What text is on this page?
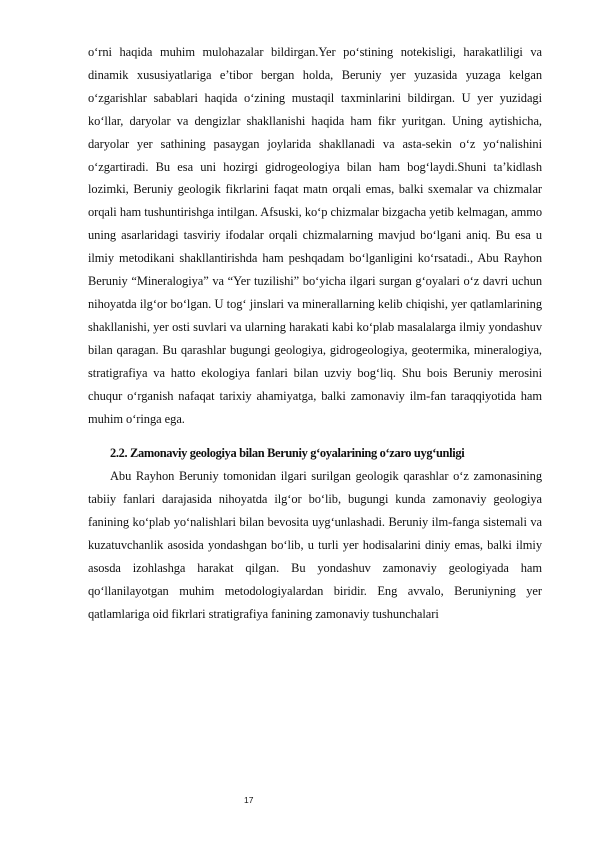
o‘rni haqida muhim mulohazalar bildirgan.Yer po‘stining notekisligi, harakatliligi va dinamik xususiyatlariga e’tibor bergan holda, Beruniy yer yuzasida yuzaga kelgan o‘zgarishlar sabablari haqida o‘zining mustaqil taxminlarini bildirgan. U yer yuzidagi ko‘llar, daryolar va dengizlar shakllanishi haqida ham fikr yuritgan. Uning aytishicha, daryolar yer sathining pasaygan joylarida shakllanadi va asta-sekin o‘z yo‘nalishini o‘zgartiradi. Bu esa uni hozirgi gidrogeologiya bilan ham bog‘laydi.Shuni ta’kidlash lozimki, Beruniy geologik fikrlarini faqat matn orqali emas, balki sxemalar va chizmalar orqali ham tushuntirishga intilgan. Afsuski, ko‘p chizmalar bizgacha yetib kelmagan, ammo uning asarlaridagi tasviriy ifodalar orqali chizmalarning mavjud bo‘lgani aniq. Bu esa u ilmiy metodikani shakllantirishda ham peshqadam bo‘lganligini ko‘rsatadi., Abu Rayhon Beruniy “Mineralogiya” va “Yer tuzilishi” bo‘yicha ilgari surgan g‘oyalari o‘z davri uchun nihoyatda ilg‘or bo‘lgan. U tog‘ jinslari va minerallarning kelib chiqishi, yer qatlamlarining shakllanishi, yer osti suvlari va ularning harakati kabi ko‘plab masalalarga ilmiy yondashuv bilan qaragan. Bu qarashlar bugungi geologiya, gidrogeologiya, geotermika, mineralogiya, stratigrafiya va hatto ekologiya fanlari bilan uzviy bog‘liq. Shu bois Beruniy merosini chuqur o‘rganish nafaqat tarixiy ahamiyatga, balki zamonaviy ilm-fan taraqqiyotida ham muhim o‘ringa ega.

2.2. Zamonaviy geologiya bilan Beruniy g‘oyalarining o‘zaro uyg‘unligi

Abu Rayhon Beruniy tomonidan ilgari surilgan geologik qarashlar o‘z zamonasining tabiiy fanlari darajasida nihoyatda ilg‘or bo‘lib, bugungi kunda zamonaviy geologiya fanining ko‘plab yo‘nalishlari bilan bevosita uyg‘unlashadi. Beruniy ilm-fanga sistemali va kuzatuvchanlik asosida yondashgan bo‘lib, u turli yer hodisalarini diniy emas, balki ilmiy asosda izohlashga harakat qilgan. Bu yondashuv zamonaviy geologiyada ham qo‘llanilayotgan muhim metodologiyalardan biridir. Eng avvalo, Beruniyning yer qatlamlariga oid fikrlari stratigrafiya fanining zamonaviy tushunchalari

17
